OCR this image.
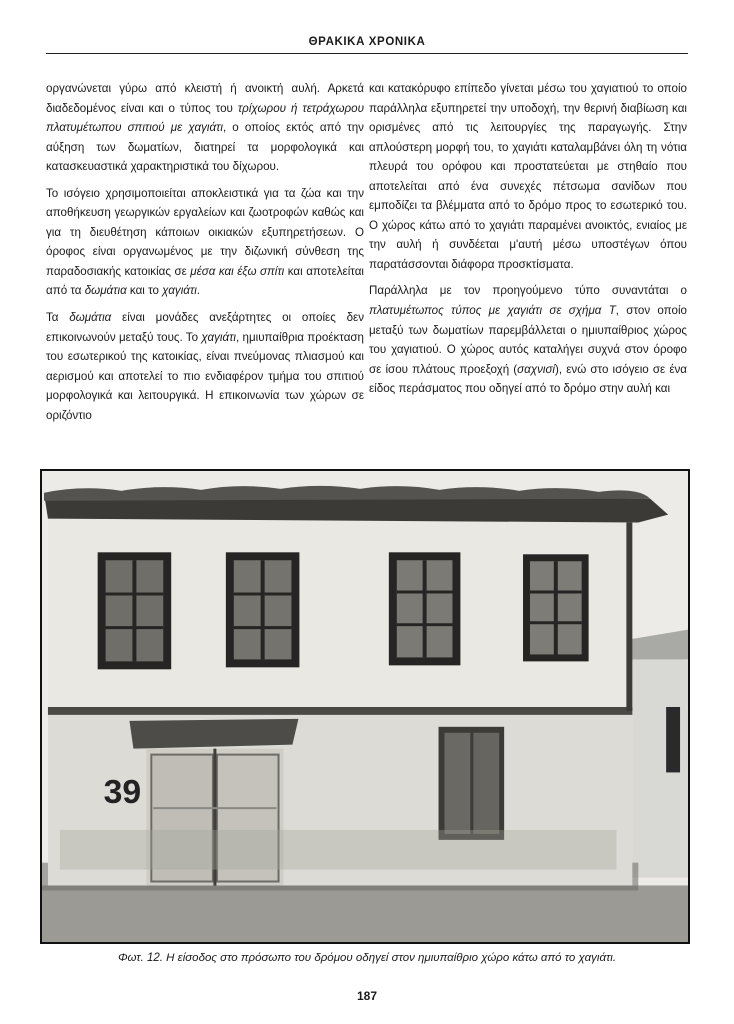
ΘΡΑΚΙΚΑ ΧΡΟΝΙΚΑ

οργανώνεται γύρω από κλειστή ή ανοικτή αυλή. Αρκετά διαδεδομένος είναι και ο τύπος του τρίχωρου ή τετράχωρου πλατυμέτωπου σπιτιού με χαγιάτι, ο οποίος εκτός από την αύξηση των δωματίων, διατηρεί τα μορφολογικά και κατασκευαστικά χαρακτηριστικά του δίχωρου.

Το ισόγειο χρησιμοποιείται αποκλειστικά για τα ζώα και την αποθήκευση γεωργικών εργαλείων και ζωοτροφών καθώς και για τη διευθέτηση κάποιων οικιακών εξυπηρετήσεων. Ο όροφος είναι οργανωμένος με την διζωνική σύνθεση της παραδοσιακής κατοικίας σε μέσα και έξω σπίτι και αποτελείται από τα δωμάτια και το χαγιάτι.

Τα δωμάτια είναι μονάδες ανεξάρτητες οι οποίες δεν επικοινωνούν μεταξύ τους. Το χαγιάτι, ημιυπαίθρια προέκταση του εσωτερικού της κατοικίας, είναι πνεύμονας πλιασμού και αερισμού και αποτελεί το πιο ενδιαφέρον τμήμα του σπιτιού μορφολογικά και λειτουργικά. Η επικοινωνία των χώρων σε οριζόντιο

και κατακόρυφο επίπεδο γίνεται μέσω του χαγιατιού το οποίο παράλληλα εξυπηρετεί την υποδοχή, την θερινή διαβίωση και ορισμένες από τις λειτουργίες της παραγωγής. Στην απλούστερη μορφή του, το χαγιάτι καταλαμβάνει όλη τη νότια πλευρά του ορόφου και προστατεύεται με στηθαίο που αποτελείται από ένα συνεχές πέτσωμα σανίδων που εμποδίζει τα βλέμματα από το δρόμο προς το εσωτερικό του. Ο χώρος κάτω από το χαγιάτι παραμένει ανοικτός, ενιαίος με την αυλή ή συνδέεται μ'αυτή μέσω υποστέγων όπου παρατάσσονται διάφορα προσκτίσματα.

Παράλληλα με τον προηγούμενο τύπο συναντάται ο πλατυμέτωπος τύπος με χαγιάτι σε σχήμα Τ, στον οποίο μεταξύ των δωματίων παρεμβάλλεται ο ημιυπαίθριος χώρος του χαγιατιού. Ο χώρος αυτός καταλήγει συχνά στον όροφο σε ίσου πλάτους προεξοχή (σαχνισί), ενώ στο ισόγειο σε ένα είδος περάσματος που οδηγεί από το δρόμο στην αυλή και

39
Φωτ. 12. Η είσοδος στο πρόσωπο του δρόμου οδηγεί στον ημιυπαίθριο χώρο κάτω από το χαγιάτι.
187
